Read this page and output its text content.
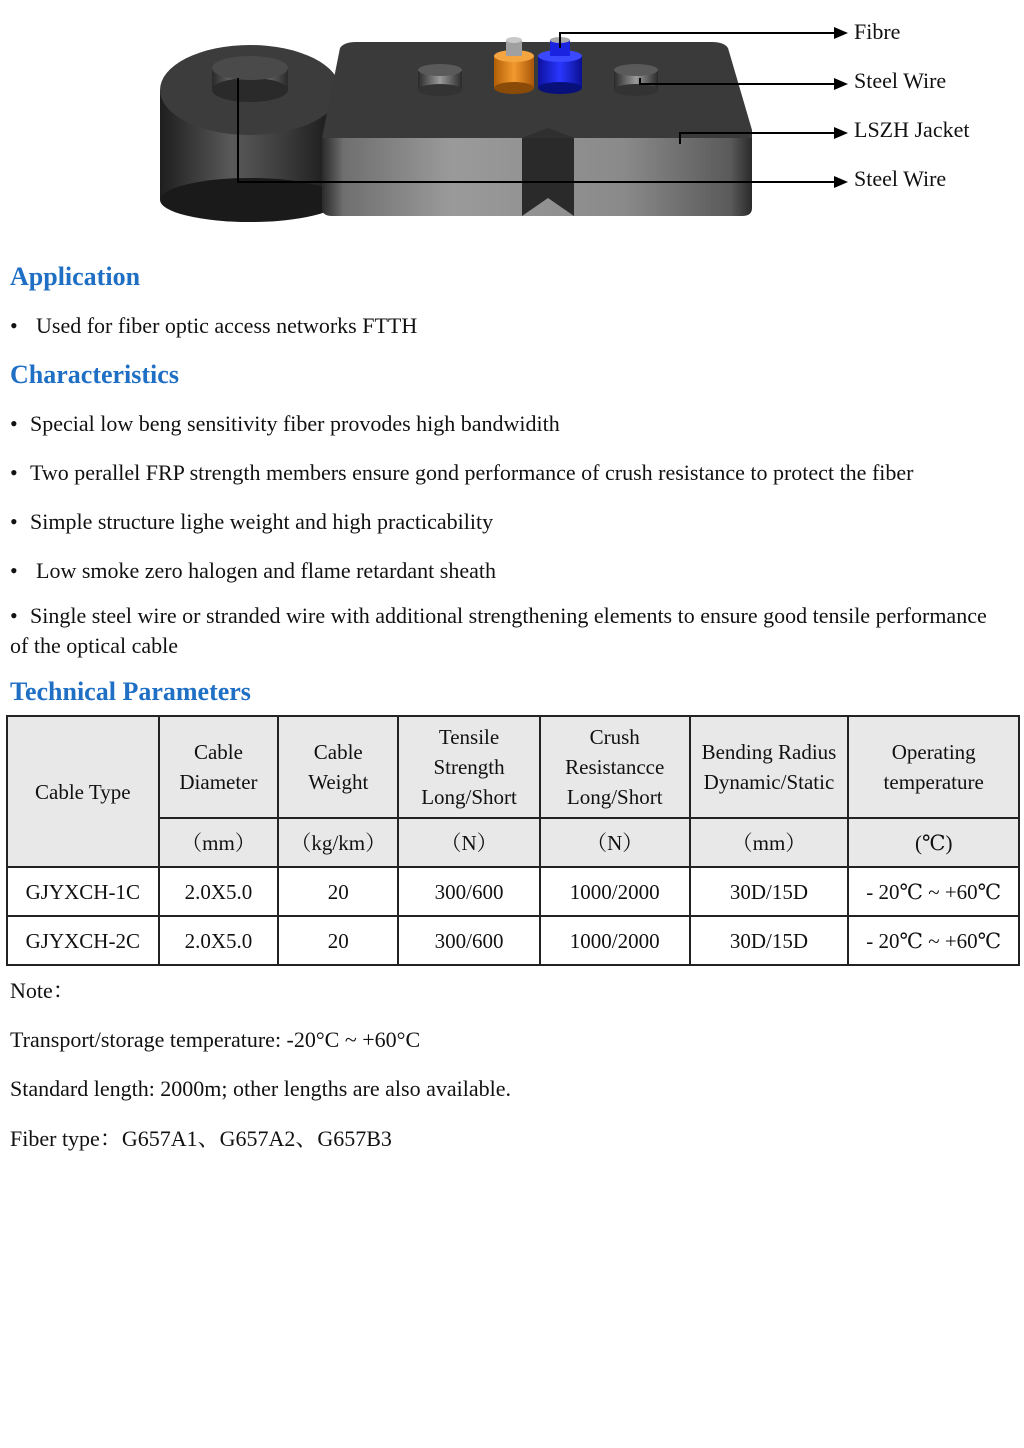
Fibre
Steel Wire
LSZH Jacket
Steel Wire
Application
• Used for fiber optic access networks FTTH
Characteristics
• Special low beng sensitivity fiber provodes high bandwidith
• Two perallel FRP strength members ensure gond performance of crush resistance to protect the fiber
• Simple structure lighe weight and high practicability
• Low smoke zero halogen and flame retardant sheath
• Single steel wire or stranded wire with additional strengthening elements to ensure good tensile performance of the optical cable
Technical Parameters
Cable Type	Cable Diameter	Cable Weight	Tensile Strength Long/Short	Crush Resistancce Long/Short	Bending Radius Dynamic/Static	Operating temperature
	（mm）	（kg/km）	（N）	（N）	（mm）	(℃)
GJYXCH-1C	2.0X5.0	20	300/600	1000/2000	30D/15D	- 20℃ ~ +60℃
GJYXCH-2C	2.0X5.0	20	300/600	1000/2000	30D/15D	- 20℃ ~ +60℃
Note：
Transport/storage temperature: -20°C ~ +60°C
Standard length: 2000m; other lengths are also available.
Fiber type：G657A1、G657A2、G657B3
